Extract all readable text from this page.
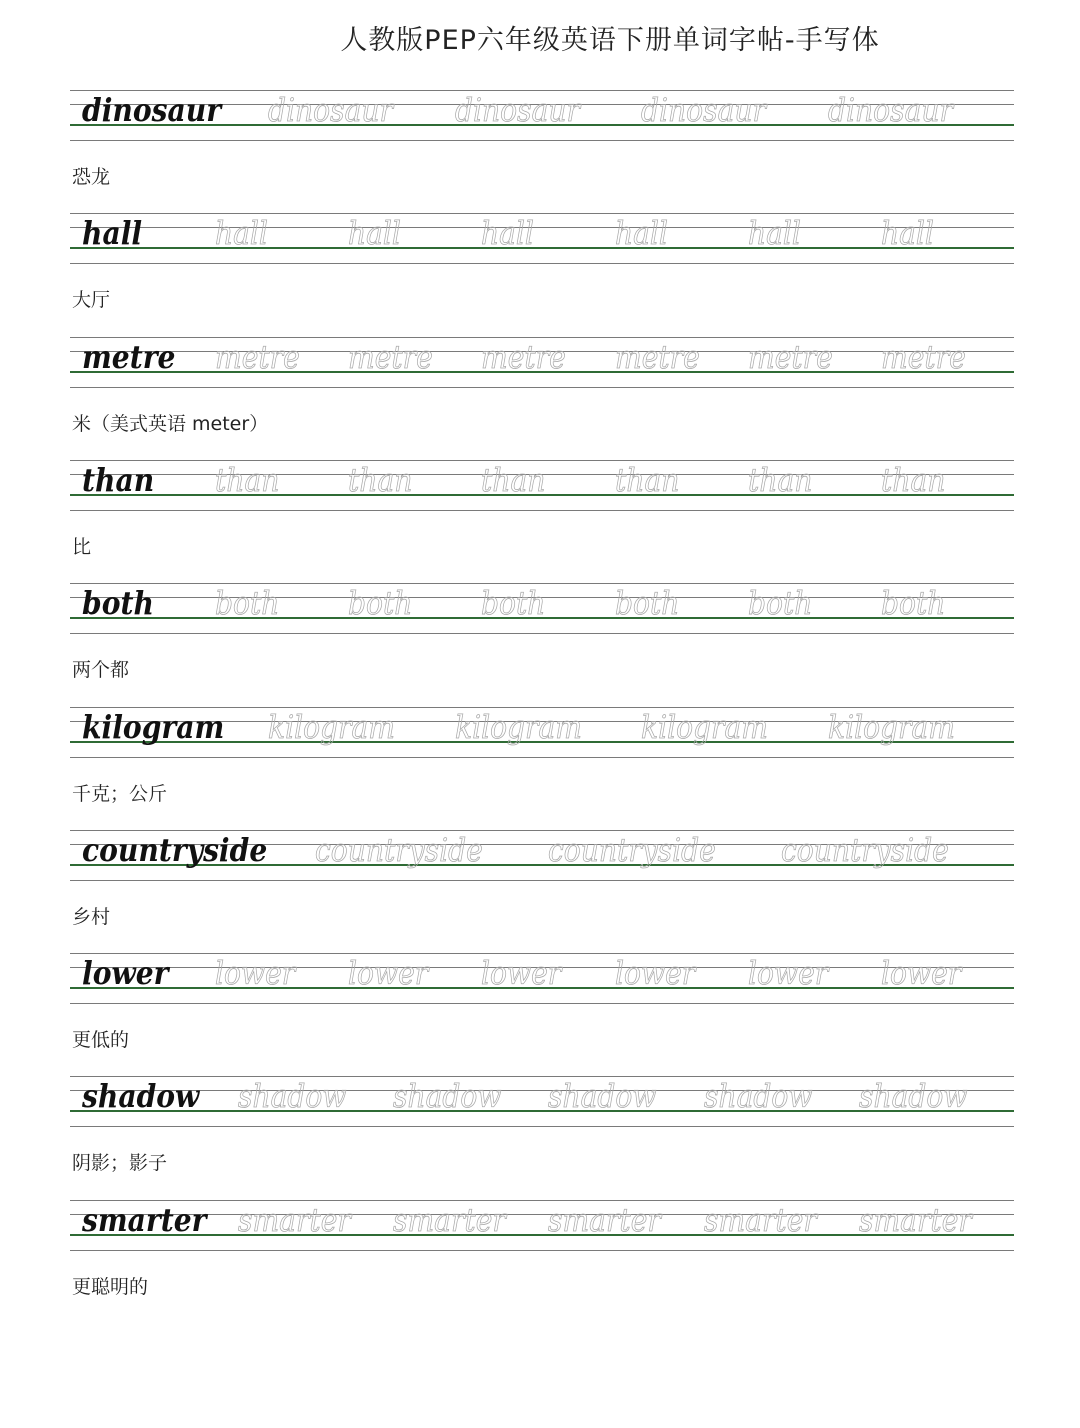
人教版PEP六年级英语下册单词字帖-手写体
dinosaur dinosaur dinosaur dinosaur dinosaur
恐龙
hall hall	hall	hall	hall	hall	hall
大厅
metre metre metre metre metre metre metre
米（美式英语 meter）
than than than than than than than
比
both both both both both both both
两个都
kilogram kilogram kilogram kilogram kilogram
千克；公斤
countryside countryside countryside countryside
乡村
lower lower lower lower lower lower lower
更低的
shadow shadow shadow shadow shadow shadow
阴影；影子
smarter smarter smarter smarter smarter smarter
更聪明的
